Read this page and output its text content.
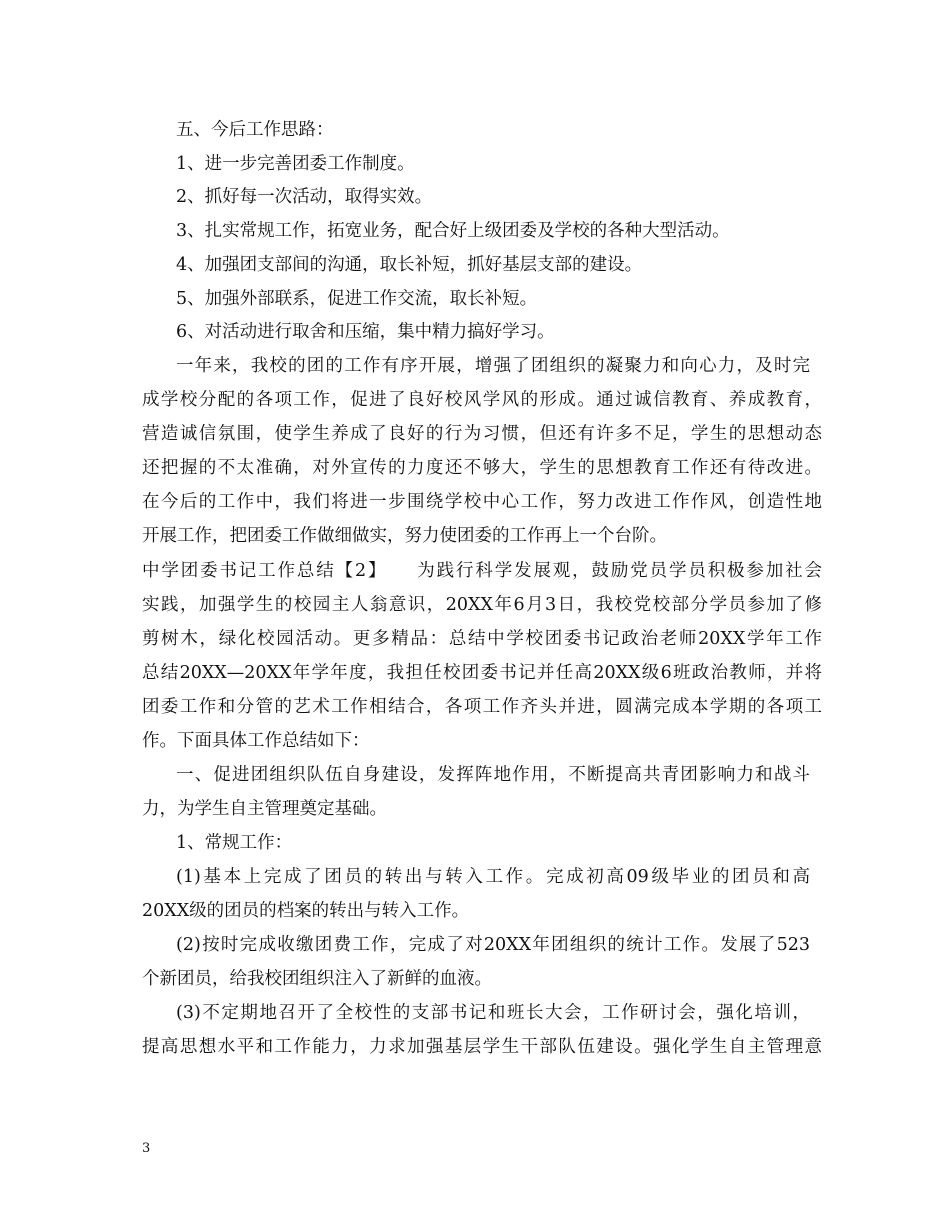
五、今后工作思路：
1、进一步完善团委工作制度。
2、抓好每一次活动，取得实效。
3、扎实常规工作，拓宽业务，配合好上级团委及学校的各种大型活动。
4、加强团支部间的沟通，取长补短，抓好基层支部的建设。
5、加强外部联系，促进工作交流，取长补短。
6、对活动进行取舍和压缩，集中精力搞好学习。
一年来，我校的团的工作有序开展，增强了团组织的凝聚力和向心力，及时完
成学校分配的各项工作，促进了良好校风学风的形成。通过诚信教育、养成教育，
营造诚信氛围，使学生养成了良好的行为习惯，但还有许多不足，学生的思想动态
还把握的不太准确，对外宣传的力度还不够大，学生的思想教育工作还有待改进。
在今后的工作中，我们将进一步围绕学校中心工作，努力改进工作作风，创造性地
开展工作，把团委工作做细做实，努力使团委的工作再上一个台阶。
中学团委书记工作总结【2】　　为践行科学发展观，鼓励党员学员积极参加社会
实践，加强学生的校园主人翁意识，20XX年6月3日，我校党校部分学员参加了修
剪树木，绿化校园活动。更多精品：总结中学校团委书记政治老师20XX学年工作
总结20XX—20XX年学年度，我担任校团委书记并任高20XX级6班政治教师，并将
团委工作和分管的艺术工作相结合，各项工作齐头并进，圆满完成本学期的各项工
作。下面具体工作总结如下：
一、促进团组织队伍自身建设，发挥阵地作用，不断提高共青团影响力和战斗
力，为学生自主管理奠定基础。
1、常规工作：
(1)基本上完成了团员的转出与转入工作。完成初高09级毕业的团员和高
20XX级的团员的档案的转出与转入工作。
(2)按时完成收缴团费工作，完成了对20XX年团组织的统计工作。发展了523
个新团员，给我校团组织注入了新鲜的血液。
(3)不定期地召开了全校性的支部书记和班长大会，工作研讨会，强化培训，
提高思想水平和工作能力，力求加强基层学生干部队伍建设。强化学生自主管理意
3
